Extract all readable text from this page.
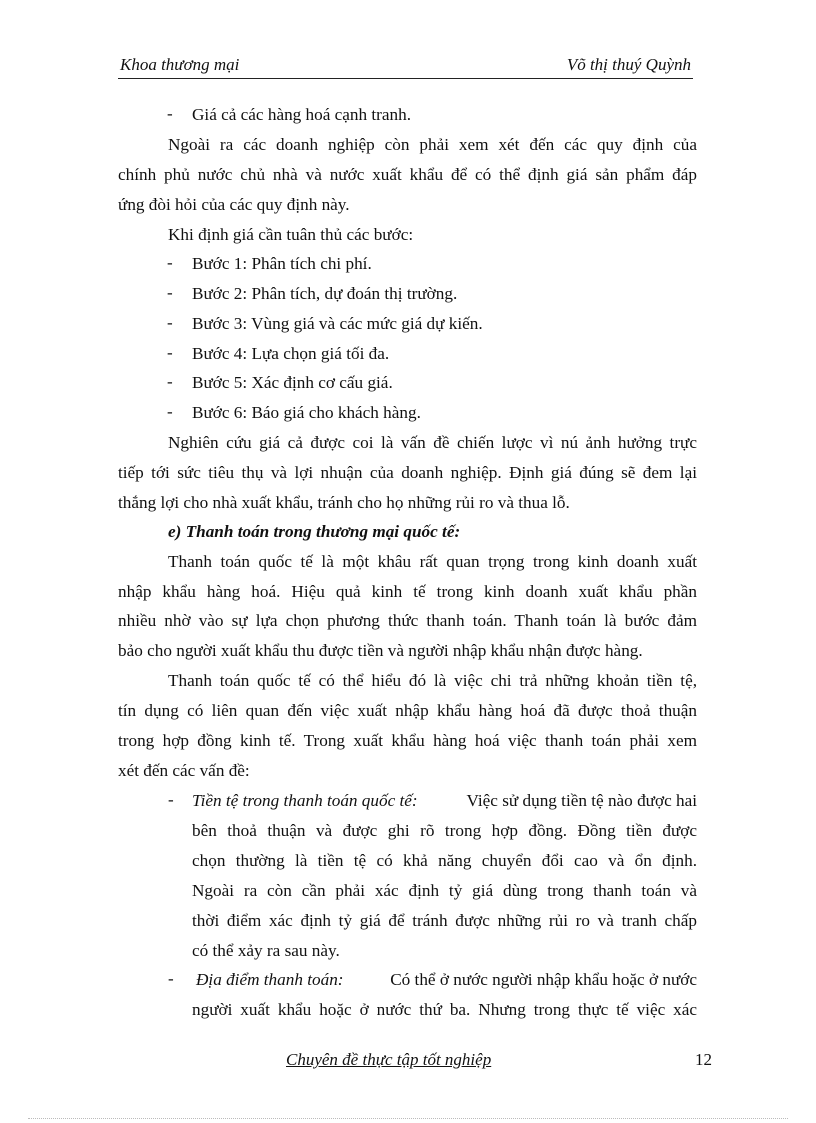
Khoa thương mại	Võ thị thuý Quỳnh
- Giá cả các hàng hoá cạnh tranh.
Ngoài ra các doanh nghiệp còn phải xem xét đến các quy định của
chính phủ nước chủ nhà và nước xuất khẩu để có thể định giá sản phẩm đáp
ứng đòi hỏi của các quy định này.
Khi định giá cần tuân thủ các bước:
- Bước 1: Phân tích chi phí.
- Bước 2: Phân tích, dự đoán thị trường.
- Bước 3: Vùng giá và các mức giá dự kiến.
- Bước 4: Lựa chọn giá tối đa.
- Bước 5: Xác định cơ cấu giá.
- Bước 6: Báo giá cho khách hàng.
Nghiên cứu giá cả được coi là vấn đề chiến lược vì nú ảnh hưởng trực
tiếp tới sức tiêu thụ và lợi nhuận của doanh nghiệp. Định giá đúng sẽ đem lại
thắng lợi cho nhà xuất khẩu, tránh cho họ những rủi ro và thua lỗ.
e) Thanh toán trong thương mại quốc tế:
Thanh toán quốc tế là một khâu rất quan trọng trong kinh doanh xuất
nhập khẩu hàng hoá. Hiệu quả kinh tế trong kinh doanh xuất khẩu phần
nhiều nhờ vào sự lựa chọn phương thức thanh toán. Thanh toán là bước đảm
bảo cho người xuất khẩu thu được tiền và người nhập khẩu nhận được hàng.
Thanh toán quốc tế có thể hiểu đó là việc chi trả những khoản tiền tệ,
tín dụng có liên quan đến việc xuất nhập khẩu hàng hoá đã được thoả thuận
trong hợp đồng kinh tế. Trong xuất khẩu hàng hoá việc thanh toán phải xem
xét đến các vấn đề:
- Tiền tệ trong thanh toán quốc tế:	Việc sử dụng tiền tệ nào được hai
bên thoả thuận và được ghi rõ trong hợp đồng. Đồng tiền được
chọn thường là tiền tệ có khả năng chuyển đổi cao và ổn định.
Ngoài ra còn cần phải xác định tỷ giá dùng trong thanh toán và
thời điểm xác định tỷ giá để tránh được những rủi ro và tranh chấp
có thể xảy ra sau này.
- Địa điểm thanh toán:	Có thể ở nước người nhập khẩu hoặc ở nước
người xuất khẩu hoặc ở nước thứ ba. Nhưng trong thực tế việc xác
Chuyên đề thực tập tốt nghiệp	12
